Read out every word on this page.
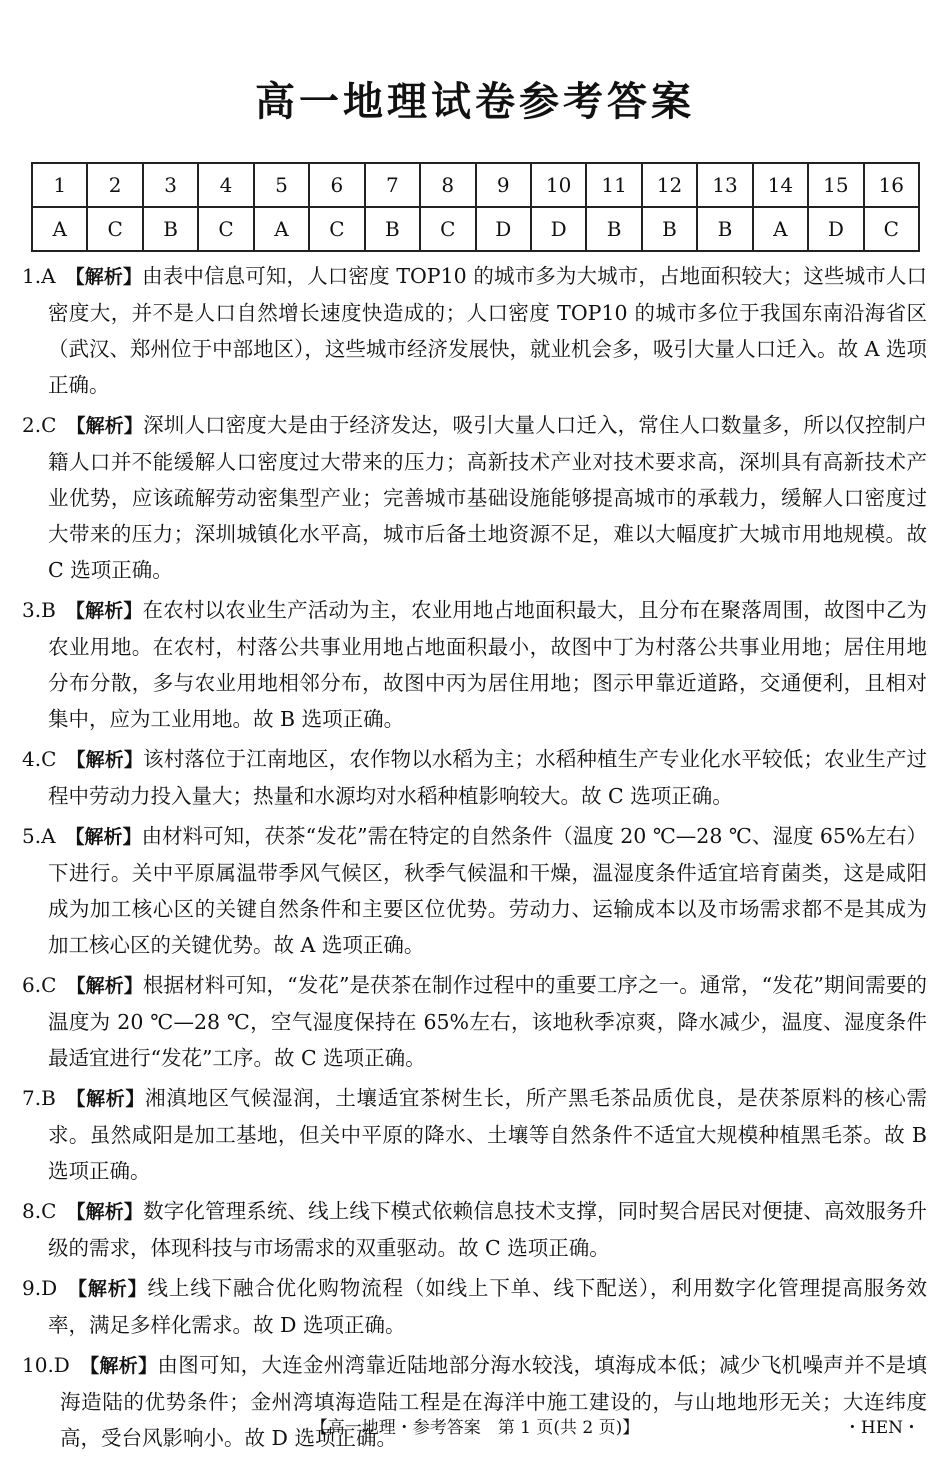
高一地理试卷参考答案
1	2	3	4	5	6	7	8	9	10	11	12	13	14	15	16
A	C	B	C	A	C	B	C	D	D	B	B	B	A	D	C

1.A 【解析】由表中信息可知，人口密度 TOP10 的城市多为大城市，占地面积较大；这些城市人口密度大，并不是人口自然增长速度快造成的；人口密度 TOP10 的城市多位于我国东南沿海省区（武汉、郑州位于中部地区），这些城市经济发展快，就业机会多，吸引大量人口迁入。故 A 选项正确。

2.C 【解析】深圳人口密度大是由于经济发达，吸引大量人口迁入，常住人口数量多，所以仅控制户籍人口并不能缓解人口密度过大带来的压力；高新技术产业对技术要求高，深圳具有高新技术产业优势，应该疏解劳动密集型产业；完善城市基础设施能够提高城市的承载力，缓解人口密度过大带来的压力；深圳城镇化水平高，城市后备土地资源不足，难以大幅度扩大城市用地规模。故 C 选项正确。

3.B 【解析】在农村以农业生产活动为主，农业用地占地面积最大，且分布在聚落周围，故图中乙为农业用地。在农村，村落公共事业用地占地面积最小，故图中丁为村落公共事业用地；居住用地分布分散，多与农业用地相邻分布，故图中丙为居住用地；图示甲靠近道路，交通便利，且相对集中，应为工业用地。故 B 选项正确。

4.C 【解析】该村落位于江南地区，农作物以水稻为主；水稻种植生产专业化水平较低；农业生产过程中劳动力投入量大；热量和水源均对水稻种植影响较大。故 C 选项正确。

5.A 【解析】由材料可知，茯茶“发花”需在特定的自然条件（温度 20 ℃—28 ℃、湿度 65%左右）下进行。关中平原属温带季风气候区，秋季气候温和干燥，温湿度条件适宜培育菌类，这是咸阳成为加工核心区的关键自然条件和主要区位优势。劳动力、运输成本以及市场需求都不是其成为加工核心区的关键优势。故 A 选项正确。

6.C 【解析】根据材料可知，“发花”是茯茶在制作过程中的重要工序之一。通常，“发花”期间需要的温度为 20 ℃—28 ℃，空气湿度保持在 65%左右，该地秋季凉爽，降水减少，温度、湿度条件最适宜进行“发花”工序。故 C 选项正确。

7.B 【解析】湘滇地区气候湿润，土壤适宜茶树生长，所产黑毛茶品质优良，是茯茶原料的核心需求。虽然咸阳是加工基地，但关中平原的降水、土壤等自然条件不适宜大规模种植黑毛茶。故 B 选项正确。

8.C 【解析】数字化管理系统、线上线下模式依赖信息技术支撑，同时契合居民对便捷、高效服务升级的需求，体现科技与市场需求的双重驱动。故 C 选项正确。

9.D 【解析】线上线下融合优化购物流程（如线上下单、线下配送），利用数字化管理提高服务效率，满足多样化需求。故 D 选项正确。

10.D 【解析】由图可知，大连金州湾靠近陆地部分海水较浅，填海成本低；减少飞机噪声并不是填海造陆的优势条件；金州湾填海造陆工程是在海洋中施工建设的，与山地地形无关；大连纬度高，受台风影响小。故 D 选项正确。

【高一地理・参考答案　第 1 页(共 2 页)】	・HEN・
